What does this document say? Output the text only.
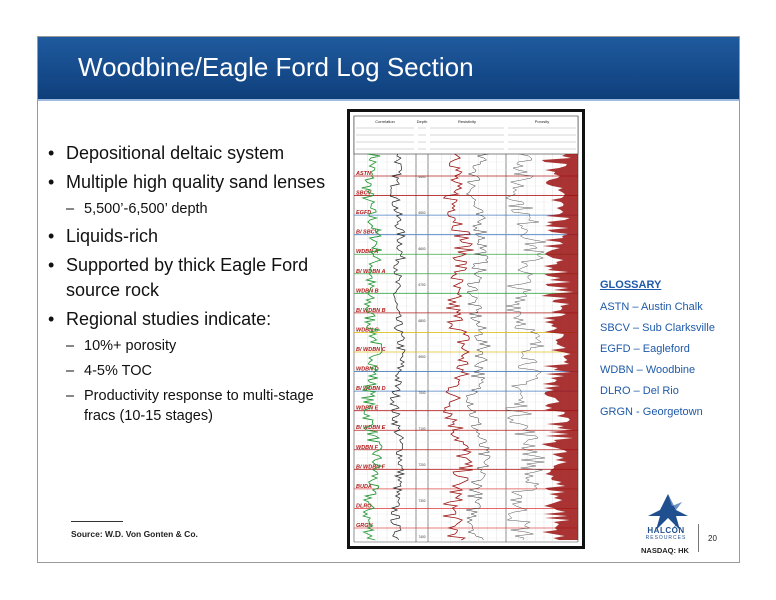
Woodbine/Eagle Ford Log Section
• Depositional deltaic system
• Multiple high quality sand lenses
– 5,500’-6,500’ depth
• Liquids-rich
• Supported by thick Eagle Ford source rock
• Regional studies indicate:
– 10%+ porosity
– 4-5% TOC
– Productivity response to multi-stage fracs (10-15 stages)
Source: W.D. Von Gonten & Co.
6400
6500
6600
6700
6800
6900
7000
7100
7200
7300
7400
Correlation	Depth	Resistivity	Porosity
ASTN
SBCV
EGFD
B/ SBCV
WDBN A
B/ WDBN A
WDBN B
B/ WDBN B
WDBN C
B/ WDBN C
WDBN D
B/ WDBN D
WDBN E
B/ WDBN E
WDBN F
B/ WDBN F
BUDA
DLRO
GRGN
GLOSSARY
ASTN – Austin Chalk
SBCV – Sub Clarksville
EGFD – Eagleford
WDBN – Woodbine
DLRO – Del Rio
GRGN - Georgetown
HALCÓN
RESOURCES
NASDAQ: HK
20
